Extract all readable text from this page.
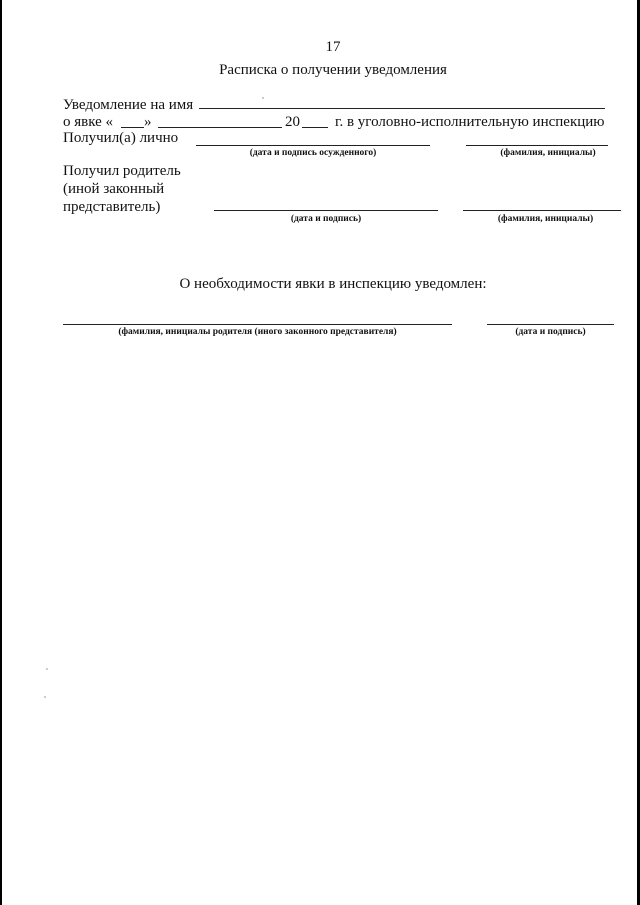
17
Расписка о получении уведомления
Уведомление на имя
о явке « »	20 г. в уголовно-исполнительную инспекцию
Получил(а) лично
(дата и подпись осужденного)	(фамилия, инициалы)
Получил родитель
(иной законный
представитель)
(дата и подпись)	(фамилия, инициалы)
О необходимости явки в инспекцию уведомлен:
(фамилия, инициалы родителя (иного законного представителя)	(дата и подпись)
